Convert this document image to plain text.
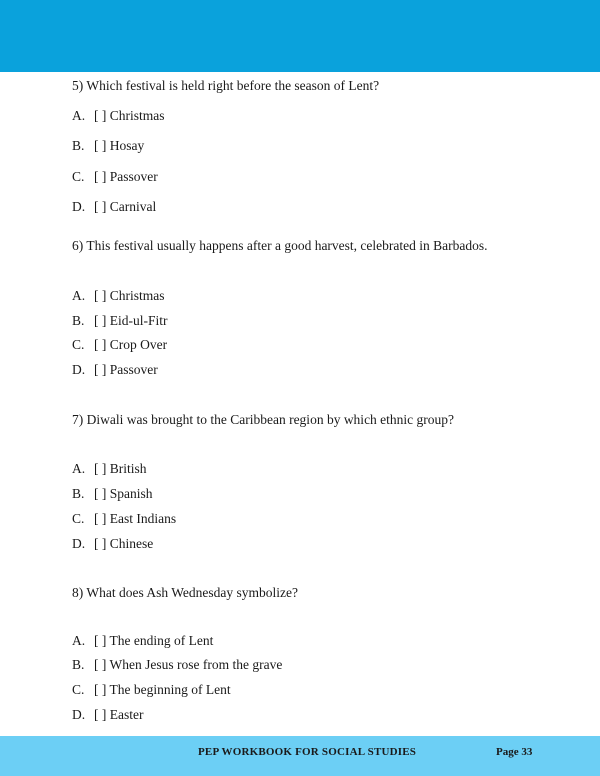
5) Which festival is held right before the season of Lent?
A. [ ] Christmas
B. [ ] Hosay
C. [ ] Passover
D. [ ] Carnival
6) This festival usually happens after a good harvest, celebrated in Barbados.
A. [ ] Christmas
B. [ ] Eid-ul-Fitr
C. [ ] Crop Over
D. [ ] Passover
7) Diwali was brought to the Caribbean region by which ethnic group?
A. [ ] British
B. [ ] Spanish
C. [ ] East Indians
D. [ ] Chinese
8) What does Ash Wednesday symbolize?
A. [ ] The ending of Lent
B. [ ] When Jesus rose from the grave
C. [ ] The beginning of Lent
D. [ ] Easter
PEP WORKBOOK FOR SOCIAL STUDIES	Page 33
